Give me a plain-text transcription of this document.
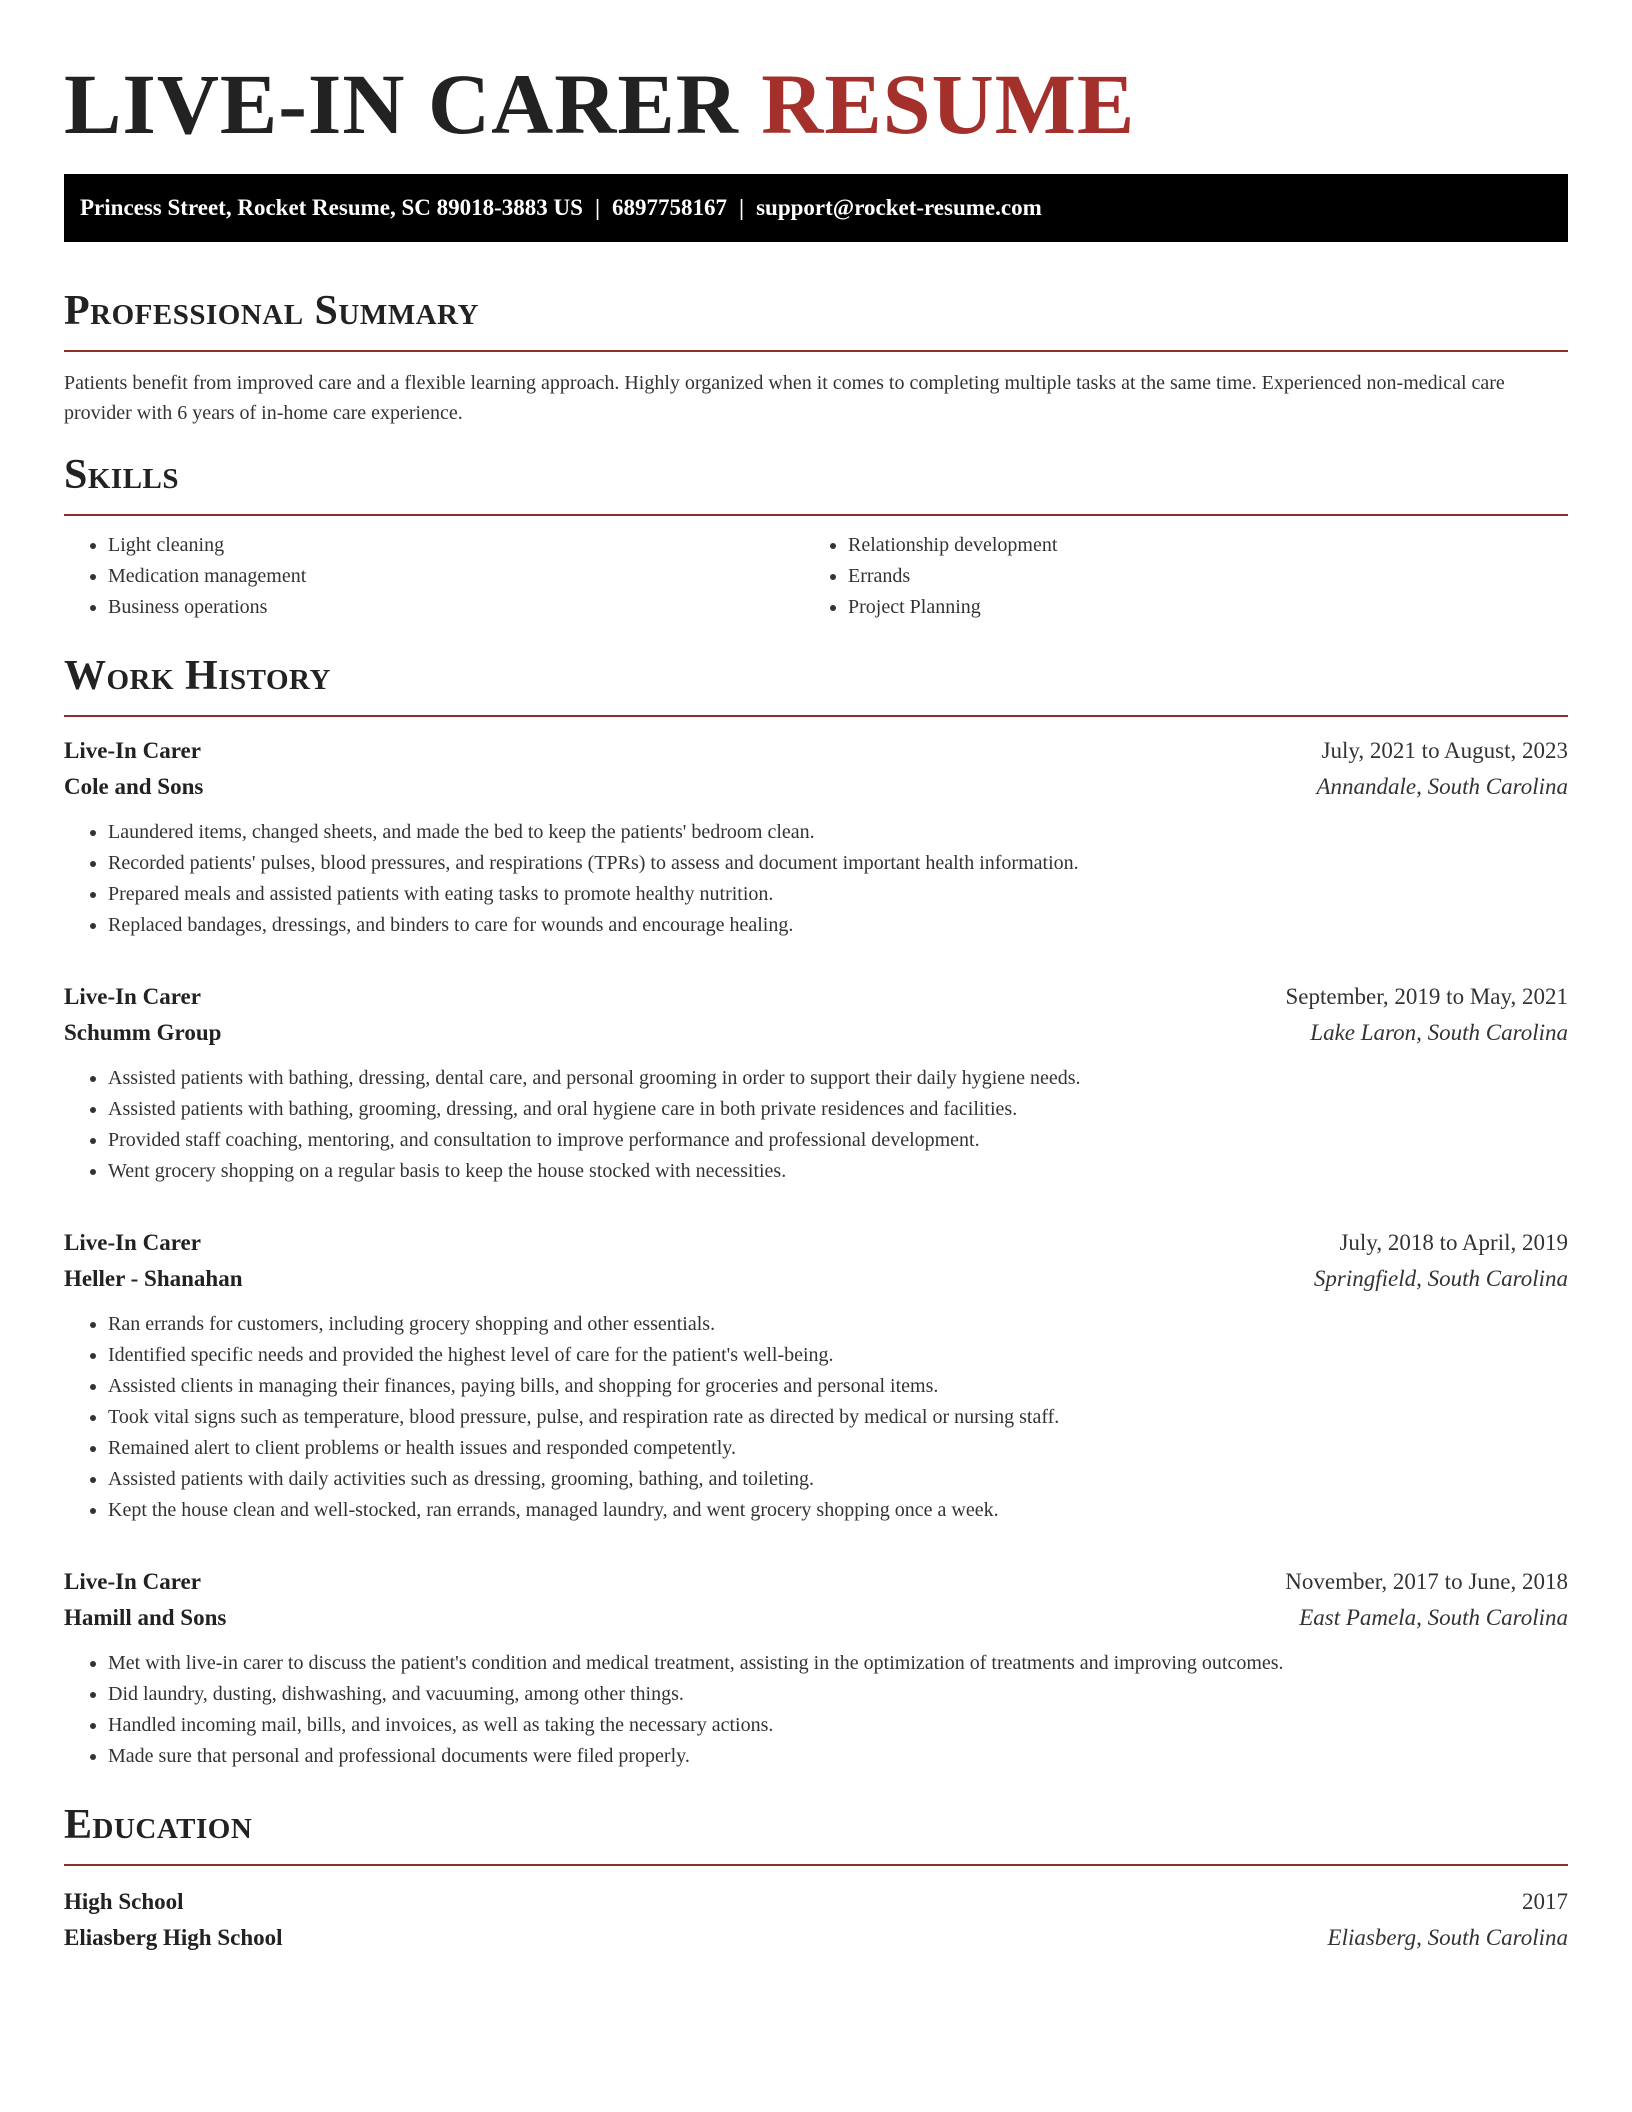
LIVE-IN CARER RESUME
Princess Street, Rocket Resume, SC 89018-3883 US | 6897758167 | support@rocket-resume.com
Professional Summary

Patients benefit from improved care and a flexible learning approach. Highly organized when it comes to completing multiple tasks at the same time. Experienced non-medical care provider with 6 years of in-home care experience.

Skills
• Light cleaning
• Medication management
• Business operations
• Relationship development
• Errands
• Project Planning
Work History
Live-In Carer	July, 2021 to August, 2023
Cole and Sons	Annandale, South Carolina
• Laundered items, changed sheets, and made the bed to keep the patients' bedroom clean.
• Recorded patients' pulses, blood pressures, and respirations (TPRs) to assess and document important health information.
• Prepared meals and assisted patients with eating tasks to promote healthy nutrition.
• Replaced bandages, dressings, and binders to care for wounds and encourage healing.
Live-In Carer	September, 2019 to May, 2021
Schumm Group	Lake Laron, South Carolina
• Assisted patients with bathing, dressing, dental care, and personal grooming in order to support their daily hygiene needs.
• Assisted patients with bathing, grooming, dressing, and oral hygiene care in both private residences and facilities.
• Provided staff coaching, mentoring, and consultation to improve performance and professional development.
• Went grocery shopping on a regular basis to keep the house stocked with necessities.
Live-In Carer	July, 2018 to April, 2019
Heller - Shanahan	Springfield, South Carolina
• Ran errands for customers, including grocery shopping and other essentials.
• Identified specific needs and provided the highest level of care for the patient's well-being.
• Assisted clients in managing their finances, paying bills, and shopping for groceries and personal items.
• Took vital signs such as temperature, blood pressure, pulse, and respiration rate as directed by medical or nursing staff.
• Remained alert to client problems or health issues and responded competently.
• Assisted patients with daily activities such as dressing, grooming, bathing, and toileting.
• Kept the house clean and well-stocked, ran errands, managed laundry, and went grocery shopping once a week.
Live-In Carer	November, 2017 to June, 2018
Hamill and Sons	East Pamela, South Carolina
• Met with live-in carer to discuss the patient's condition and medical treatment, assisting in the optimization of treatments and improving outcomes.
• Did laundry, dusting, dishwashing, and vacuuming, among other things.
• Handled incoming mail, bills, and invoices, as well as taking the necessary actions.
• Made sure that personal and professional documents were filed properly.
Education
High School	2017
Eliasberg High School	Eliasberg, South Carolina
